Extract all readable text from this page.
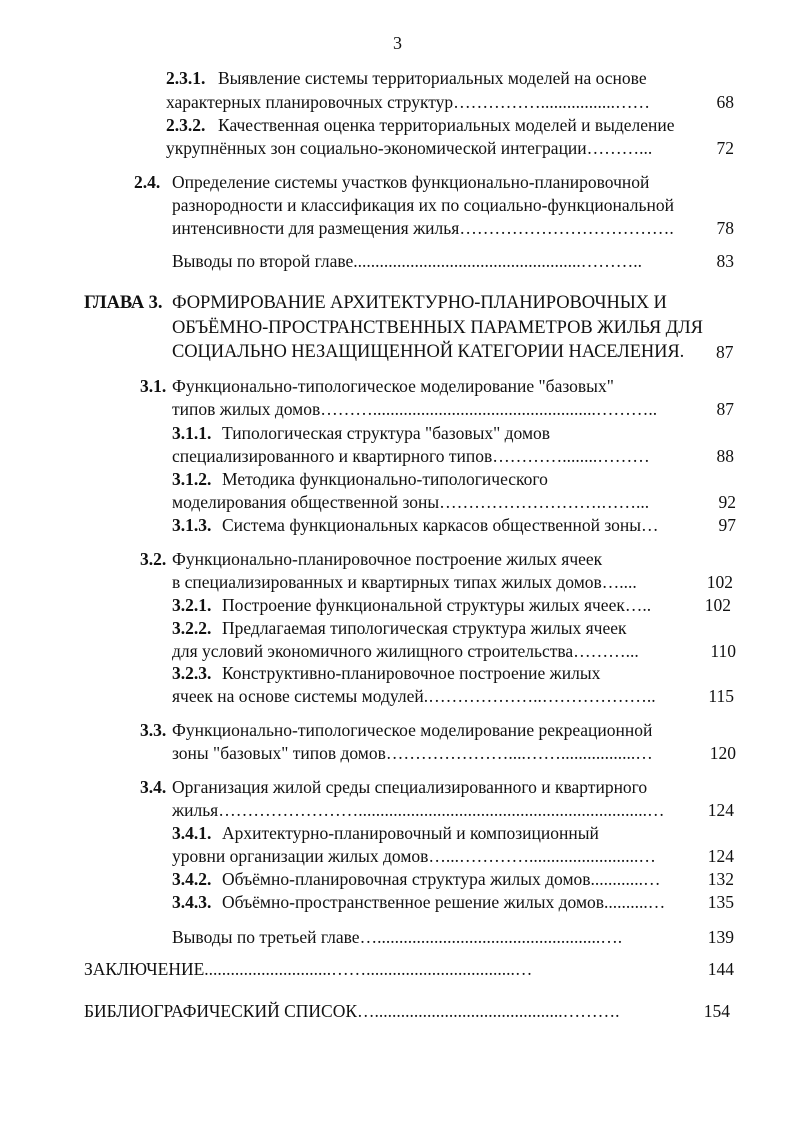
3
2.3.1. Выявление системы территориальных моделей на основе
характерных планировочных структур…………….................……	68
2.3.2. Качественная оценка территориальных моделей и выделение
укрупнённых зон социально-экономической интеграции………...	72
2.4. Определение системы участков функционально-планировочной
разнородности и классификация их по социально-функциональной
интенсивности для размещения жилья……………………………….	78
Выводы по второй главе....................................................………..	83
ГЛАВА 3. ФОРМИРОВАНИЕ АРХИТЕКТУРНО-ПЛАНИРОВОЧНЫХ И
ОБЪЁМНО-ПРОСТРАНСТВЕННЫХ ПАРАМЕТРОВ ЖИЛЬЯ ДЛЯ
СОЦИАЛЬНО НЕЗАЩИЩЕННОЙ КАТЕГОРИИ НАСЕЛЕНИЯ. 87
3.1. Функционально-типологическое моделирование "базовых"
типов жилых домов………...................................................………..	87
3.1.1. Типологическая структура "базовых" домов
специализированного и квартирного типов…………........………	88
3.1.2. Методика функционально-типологического
моделирования общественной зоны……………………….……...	92
3.1.3. Система функциональных каркасов общественной зоны…	97
3.2. Функционально-планировочное построение жилых ячеек
в специализированных и квартирных типах жилых домов…....	102
3.2.1. Построение функциональной структуры жилых ячеек…..	102
3.2.2. Предлагаемая типологическая структура жилых ячеек
для условий экономичного жилищного строительства………...	110
3.2.3. Конструктивно-планировочное построение жилых
ячеек на основе системы модулей.………………..………………..	115
3.3. Функционально-типологическое моделирование рекреационной
зоны "базовых" типов домов…………………....…….................…	120
3.4. Организация жилой среды специализированного и квартирного
жилья……………………..................................................................…	124
3.4.1. Архитектурно-планировочный и композиционный
уровни организации жилых домов…...………….........................…	124
3.4.2. Объёмно-планировочная структура жилых домов............…	132
3.4.3. Объёмно-пространственное решение жилых домов..........…	135
Выводы по третьей главе…...................................................….	139
ЗАКЛЮЧЕНИЕ.............................……..................................…	144
БИБЛИОГРАФИЧЕСКИЙ СПИСОК…...........................................……….	154
